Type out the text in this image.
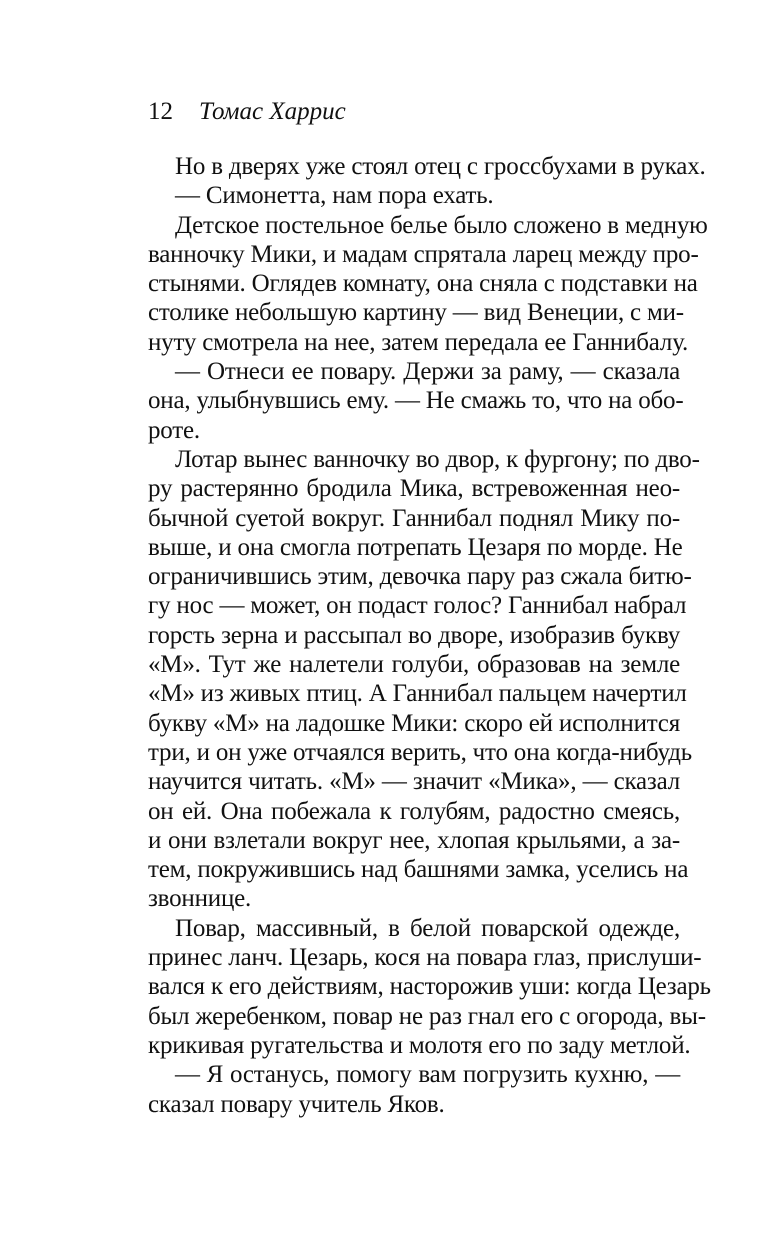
12 Томас Харрис
Но в дверях уже стоял отец с гроссбухами в руках.
— Симонетта, нам пора ехать.
Детское постельное белье было сложено в медную
ванночку Мики, и мадам спрятала ларец между про-
стынями. Оглядев комнату, она сняла с подставки на
столике небольшую картину — вид Венеции, с ми-
нуту смотрела на нее, затем передала ее Ганнибалу.
— Отнеси ее повару. Держи за раму, — сказала
она, улыбнувшись ему. — Не смажь то, что на обо-
роте.
Лотар вынес ванночку во двор, к фургону; по дво-
ру растерянно бродила Мика, встревоженная нео-
бычной суетой вокруг. Ганнибал поднял Мику по-
выше, и она смогла потрепать Цезаря по морде. Не
ограничившись этим, девочка пару раз сжала битю-
гу нос — может, он подаст голос? Ганнибал набрал
горсть зерна и рассыпал во дворе, изобразив букву
«М». Тут же налетели голуби, образовав на земле
«М» из живых птиц. А Ганнибал пальцем начертил
букву «М» на ладошке Мики: скоро ей исполнится
три, и он уже отчаялся верить, что она когда-нибудь
научится читать. «М» — значит «Мика», — сказал
он ей. Она побежала к голубям, радостно смеясь,
и они взлетали вокруг нее, хлопая крыльями, а за-
тем, покружившись над башнями замка, уселись на
звоннице.
Повар, массивный, в белой поварской одежде,
принес ланч. Цезарь, кося на повара глаз, прислуши-
вался к его действиям, насторожив уши: когда Цезарь
был жеребенком, повар не раз гнал его с огорода, вы-
крикивая ругательства и молотя его по заду метлой.
— Я останусь, помогу вам погрузить кухню, —
сказал повару учитель Яков.
